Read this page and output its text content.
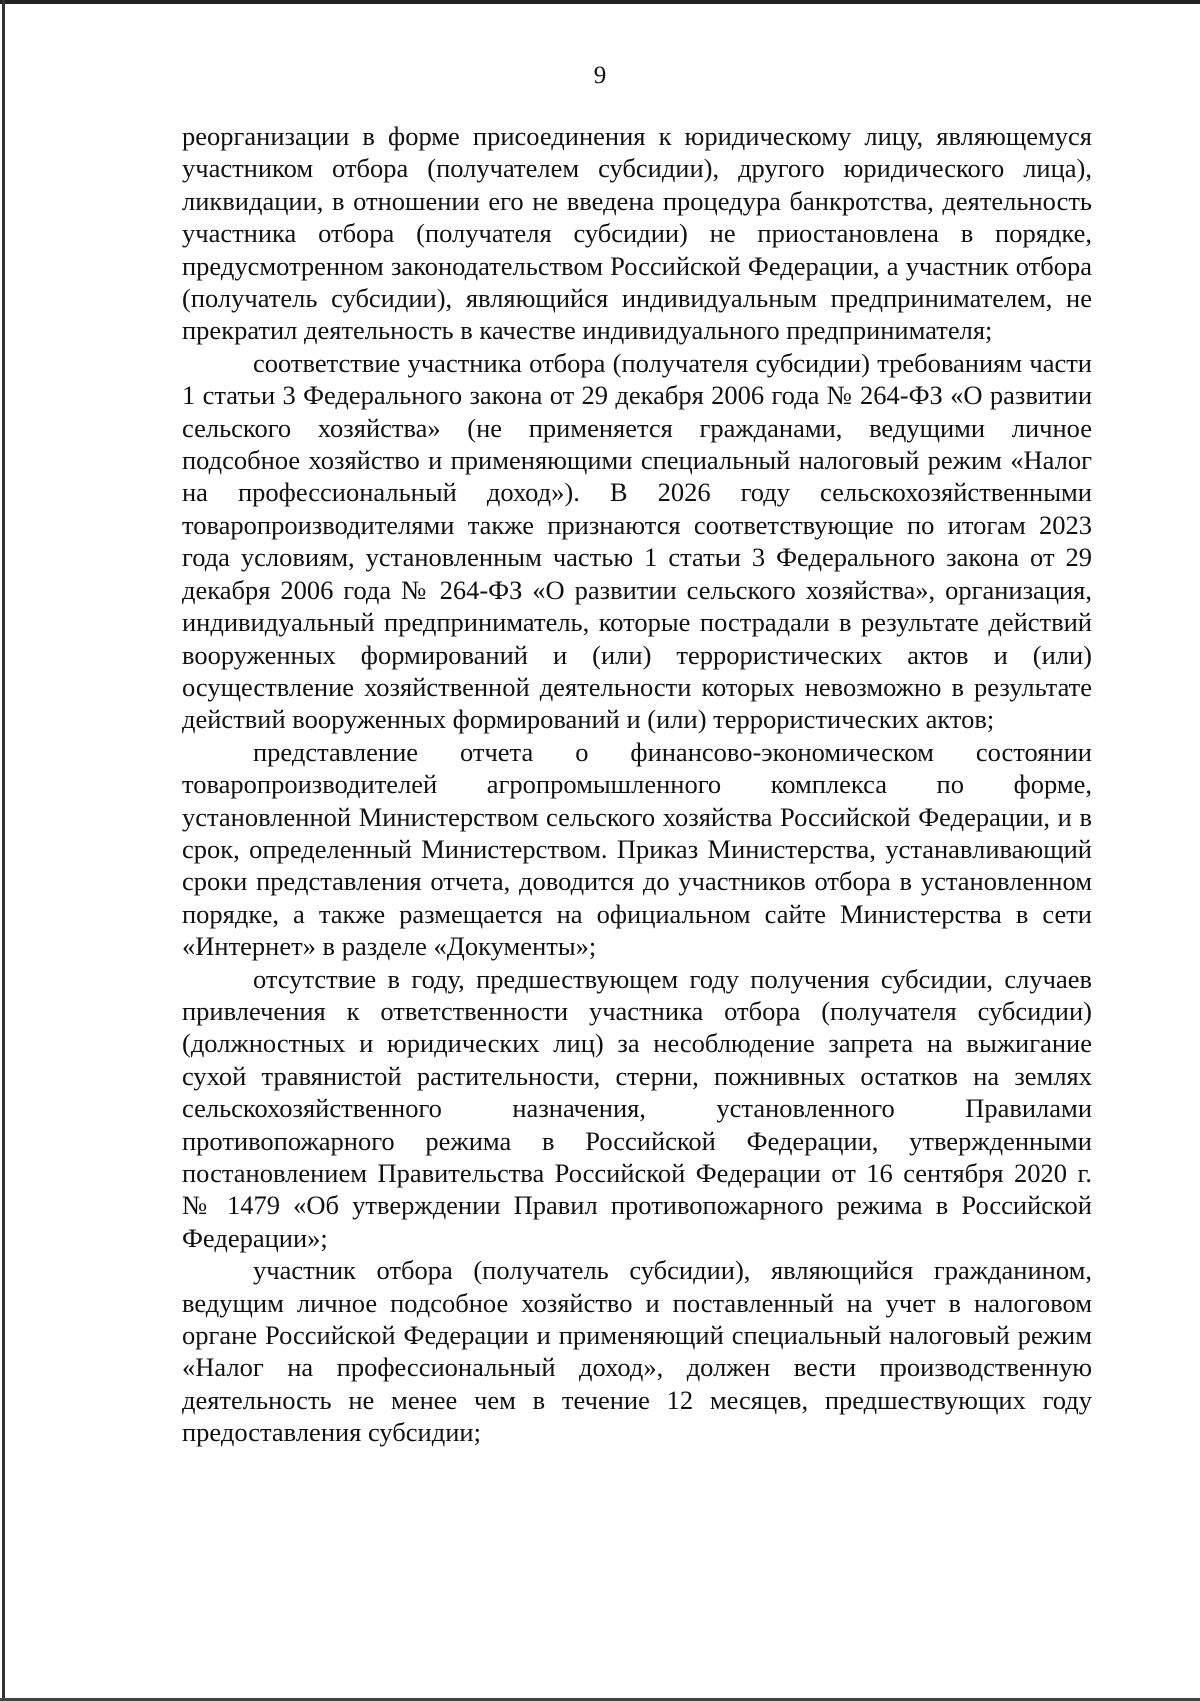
9

реорганизации в форме присоединения к юридическому лицу, являющемуся участником отбора (получателем субсидии), другого юридического лица), ликвидации, в отношении его не введена процедура банкротства, деятельность участника отбора (получателя субсидии) не приостановлена в порядке, предусмотренном законодательством Российской Федерации, а участник отбора (получатель субсидии), являющийся индивидуальным предпринимателем, не прекратил деятельность в качестве индивидуального предпринимателя;

соответствие участника отбора (получателя субсидии) требованиям части 1 статьи 3 Федерального закона от 29 декабря 2006 года № 264-ФЗ «О развитии сельского хозяйства» (не применяется гражданами, ведущими личное подсобное хозяйство и применяющими специальный налоговый режим «Налог на профессиональный доход»). В 2026 году сельскохозяйственными товаропроизводителями также признаются соответствующие по итогам 2023 года условиям, установленным частью 1 статьи 3 Федерального закона от 29 декабря 2006 года № 264-ФЗ «О развитии сельского хозяйства», организация, индивидуальный предприниматель, которые пострадали в результате действий вооруженных формирований и (или) террористических актов и (или) осуществление хозяйственной деятельности которых невозможно в результате действий вооруженных формирований и (или) террористических актов;

представление отчета о финансово-экономическом состоянии товаропроизводителей агропромышленного комплекса по форме, установленной Министерством сельского хозяйства Российской Федерации, и в срок, определенный Министерством. Приказ Министерства, устанавливающий сроки представления отчета, доводится до участников отбора в установленном порядке, а также размещается на официальном сайте Министерства в сети «Интернет» в разделе «Документы»;

отсутствие в году, предшествующем году получения субсидии, случаев привлечения к ответственности участника отбора (получателя субсидии) (должностных и юридических лиц) за несоблюдение запрета на выжигание сухой травянистой растительности, стерни, пожнивных остатков на землях сельскохозяйственного назначения, установленного Правилами противопожарного режима в Российской Федерации, утвержденными постановлением Правительства Российской Федерации от 16 сентября 2020 г. № 1479 «Об утверждении Правил противопожарного режима в Российской Федерации»;

участник отбора (получатель субсидии), являющийся гражданином, ведущим личное подсобное хозяйство и поставленный на учет в налоговом органе Российской Федерации и применяющий специальный налоговый режим «Налог на профессиональный доход», должен вести производственную деятельность не менее чем в течение 12 месяцев, предшествующих году предоставления субсидии;
